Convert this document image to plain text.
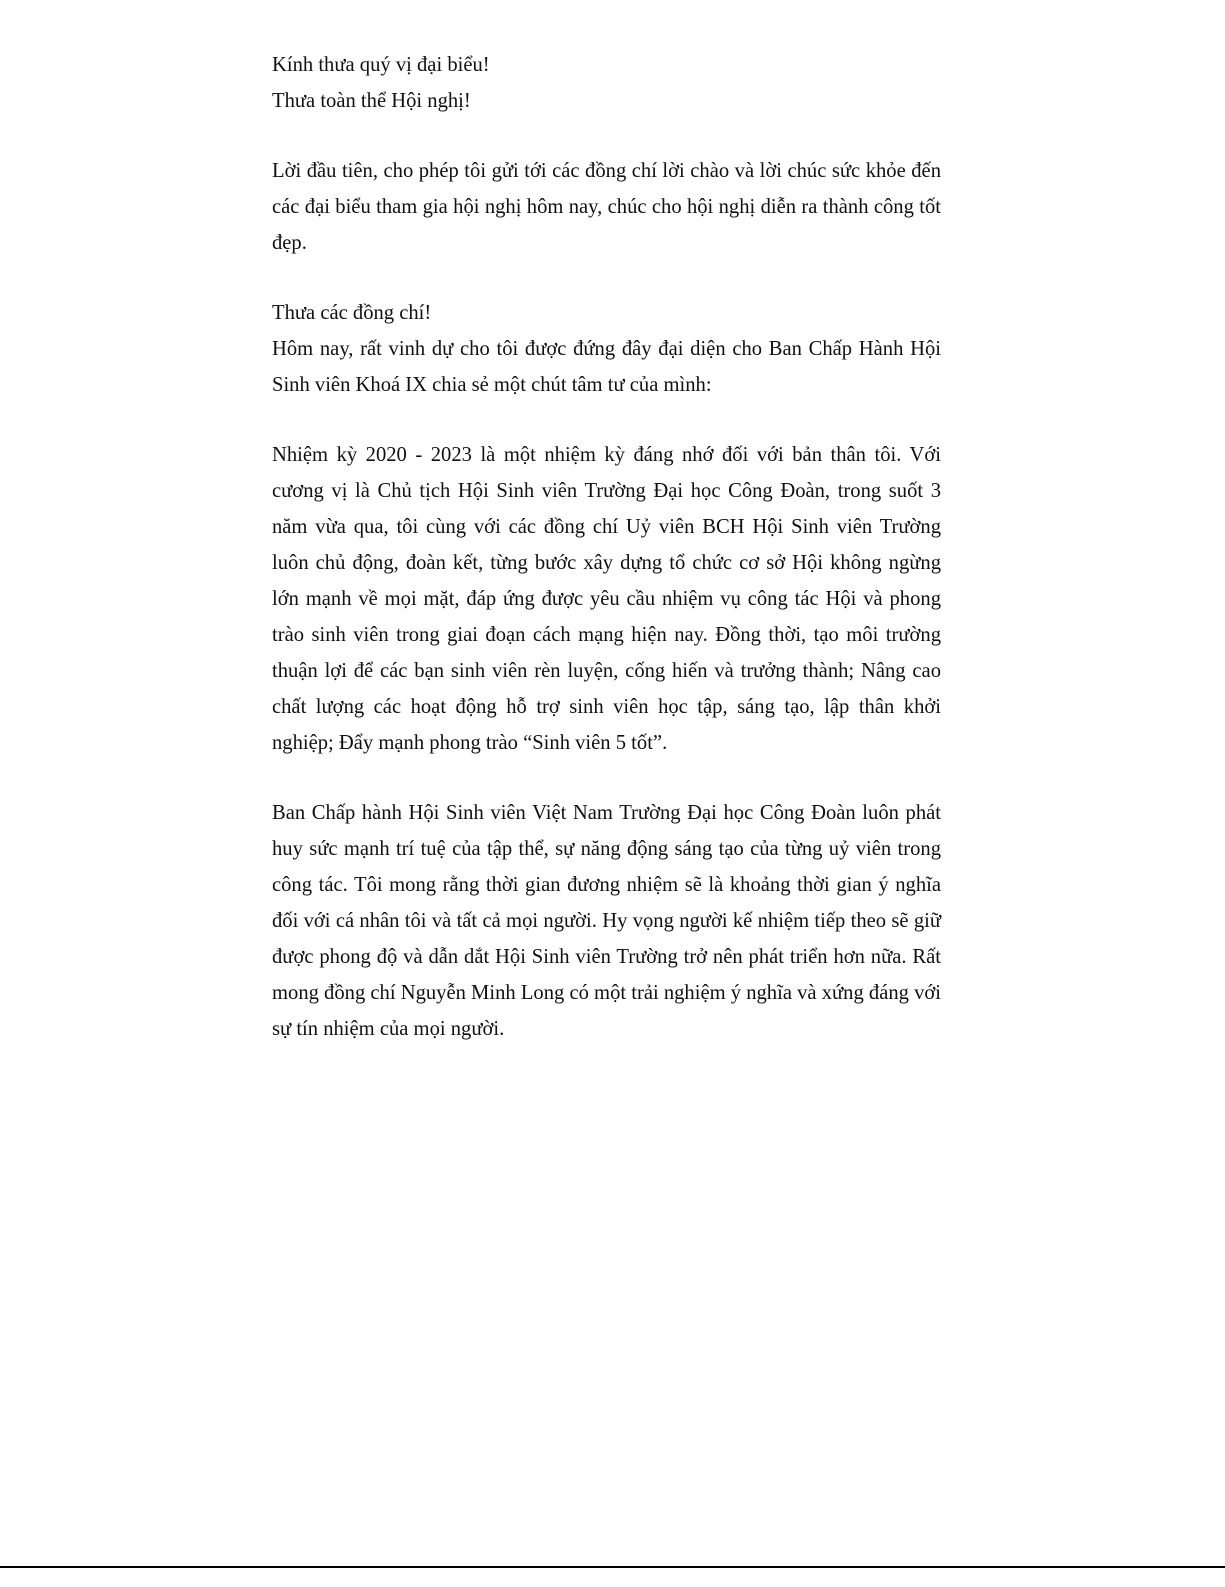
Kính thưa quý vị đại biểu!

Thưa toàn thể Hội nghị!

Lời đầu tiên, cho phép tôi gửi tới các đồng chí lời chào và lời chúc sức khỏe đến các đại biểu tham gia hội nghị hôm nay, chúc cho hội nghị diễn ra thành công tốt đẹp.

Thưa các đồng chí!

Hôm nay, rất vinh dự cho tôi được đứng đây đại diện cho Ban Chấp Hành Hội Sinh viên Khoá IX chia sẻ một chút tâm tư của mình:

Nhiệm kỳ 2020 - 2023 là một nhiệm kỳ đáng nhớ đối với bản thân tôi. Với cương vị là Chủ tịch Hội Sinh viên Trường Đại học Công Đoàn, trong suốt 3 năm vừa qua, tôi cùng với các đồng chí Uỷ viên BCH Hội Sinh viên Trường luôn chủ động, đoàn kết, từng bước xây dựng tổ chức cơ sở Hội không ngừng lớn mạnh về mọi mặt, đáp ứng được yêu cầu nhiệm vụ công tác Hội và phong trào sinh viên trong giai đoạn cách mạng hiện nay. Đồng thời, tạo môi trường thuận lợi để các bạn sinh viên rèn luyện, cống hiến và trưởng thành; Nâng cao chất lượng các hoạt động hỗ trợ sinh viên học tập, sáng tạo, lập thân khởi nghiệp; Đẩy mạnh phong trào “Sinh viên 5 tốt”.

Ban Chấp hành Hội Sinh viên Việt Nam Trường Đại học Công Đoàn luôn phát huy sức mạnh trí tuệ của tập thể, sự năng động sáng tạo của từng uỷ viên trong công tác. Tôi mong rằng thời gian đương nhiệm sẽ là khoảng thời gian ý nghĩa đối với cá nhân tôi và tất cả mọi người. Hy vọng người kế nhiệm tiếp theo sẽ giữ được phong độ và dẫn dắt Hội Sinh viên Trường trở nên phát triển hơn nữa. Rất mong đồng chí Nguyễn Minh Long có một trải nghiệm ý nghĩa và xứng đáng với sự tín nhiệm của mọi người.
